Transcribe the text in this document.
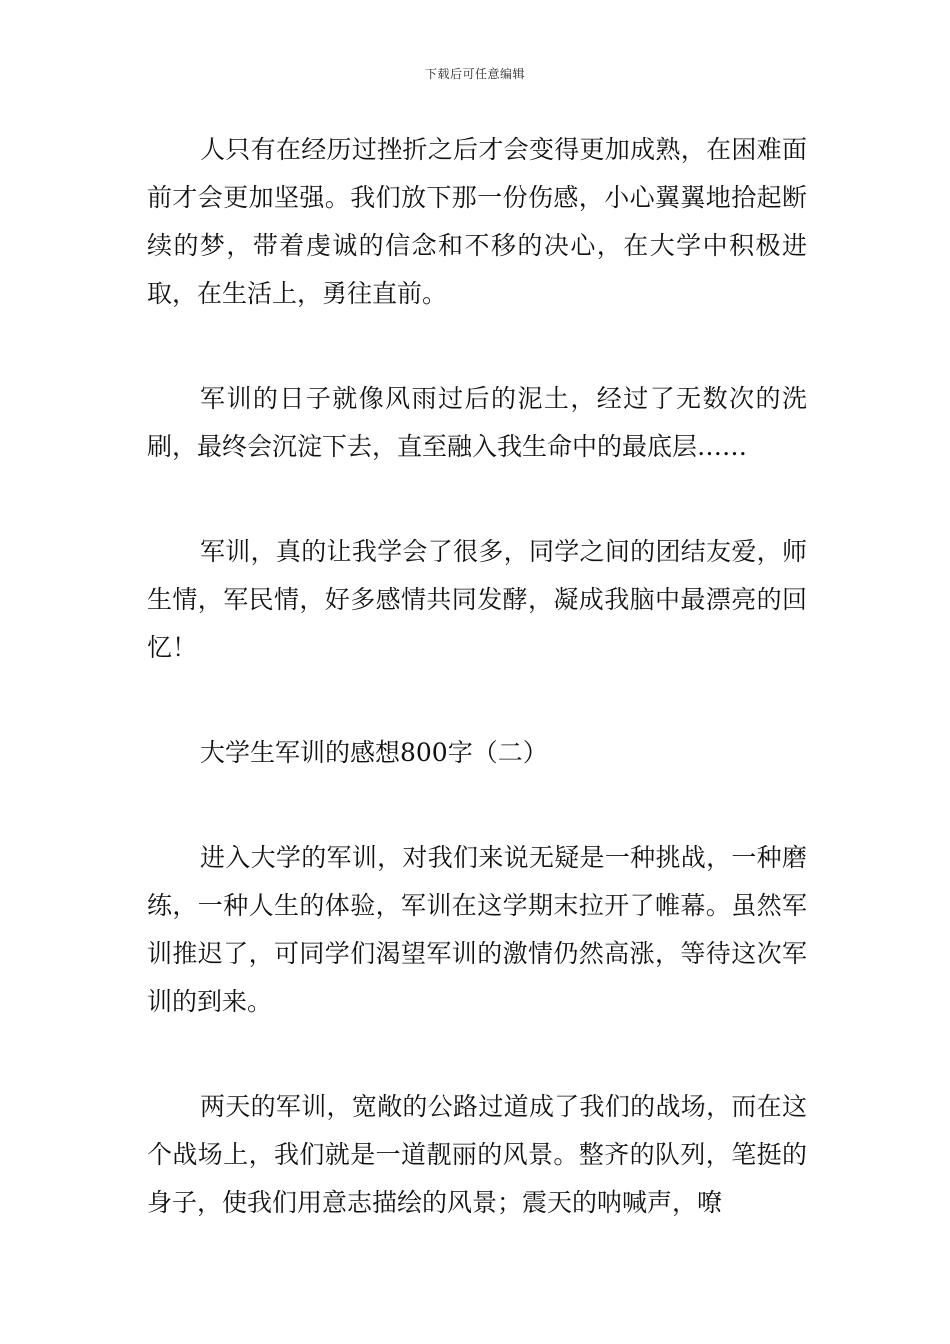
下载后可任意编辑

人只有在经历过挫折之后才会变得更加成熟，在困难面前才会更加坚强。我们放下那一份伤感，小心翼翼地拾起断续的梦，带着虔诚的信念和不移的决心，在大学中积极进取，在生活上，勇往直前。

军训的日子就像风雨过后的泥土，经过了无数次的洗刷，最终会沉淀下去，直至融入我生命中的最底层……

军训，真的让我学会了很多，同学之间的团结友爱，师生情，军民情，好多感情共同发酵，凝成我脑中最漂亮的回忆！

大学生军训的感想800字（二）

进入大学的军训，对我们来说无疑是一种挑战，一种磨练，一种人生的体验，军训在这学期末拉开了帷幕。虽然军训推迟了，可同学们渴望军训的激情仍然高涨，等待这次军训的到来。

两天的军训，宽敞的公路过道成了我们的战场，而在这个战场上，我们就是一道靓丽的风景。整齐的队列，笔挺的身子，使我们用意志描绘的风景；震天的呐喊声，嘹
